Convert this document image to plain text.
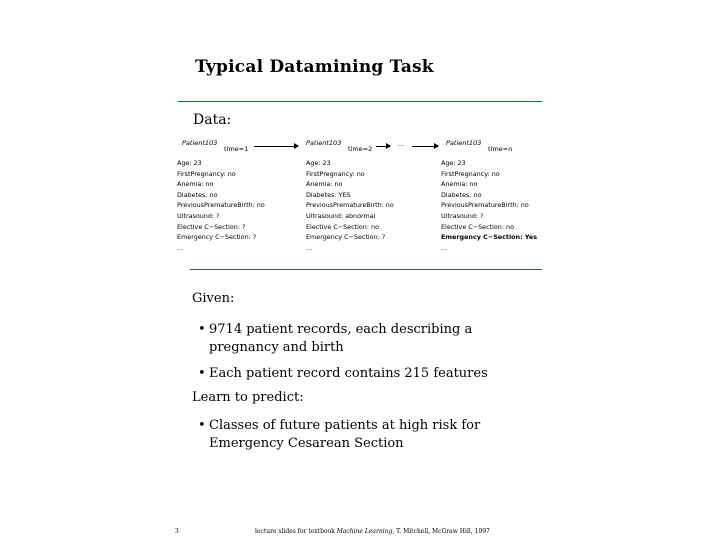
Typical Datamining Task
Data:
Patient103
time=1
Patient103
time=2
...	Patient103
time=n
Age: 23
FirstPregnancy: no
Anemia: no
Diabetes: no
PreviousPrematureBirth: no
Ultrasound: ?
Elective C−Section: ?
Emergency C−Section: ?
...
Age: 23
FirstPregnancy: no
Anemia: no
Diabetes: YES
PreviousPrematureBirth: no
Ultrasound: abnormal
Elective C−Section: no
Emergency C−Section: ?
...
Age: 23
FirstPregnancy: no
Anemia: no
Diabetes: no
PreviousPrematureBirth: no
Ultrasound: ?
Elective C−Section: no
Emergency C−Section: Yes
...
Given:
• 9714 patient records, each describing a
pregnancy and birth
• Each patient record contains 215 features
Learn to predict:
• Classes of future patients at high risk for
Emergency Cesarean Section
3	lecture slides for textbook Machine Learning, T. Mitchell, McGraw Hill, 1997
